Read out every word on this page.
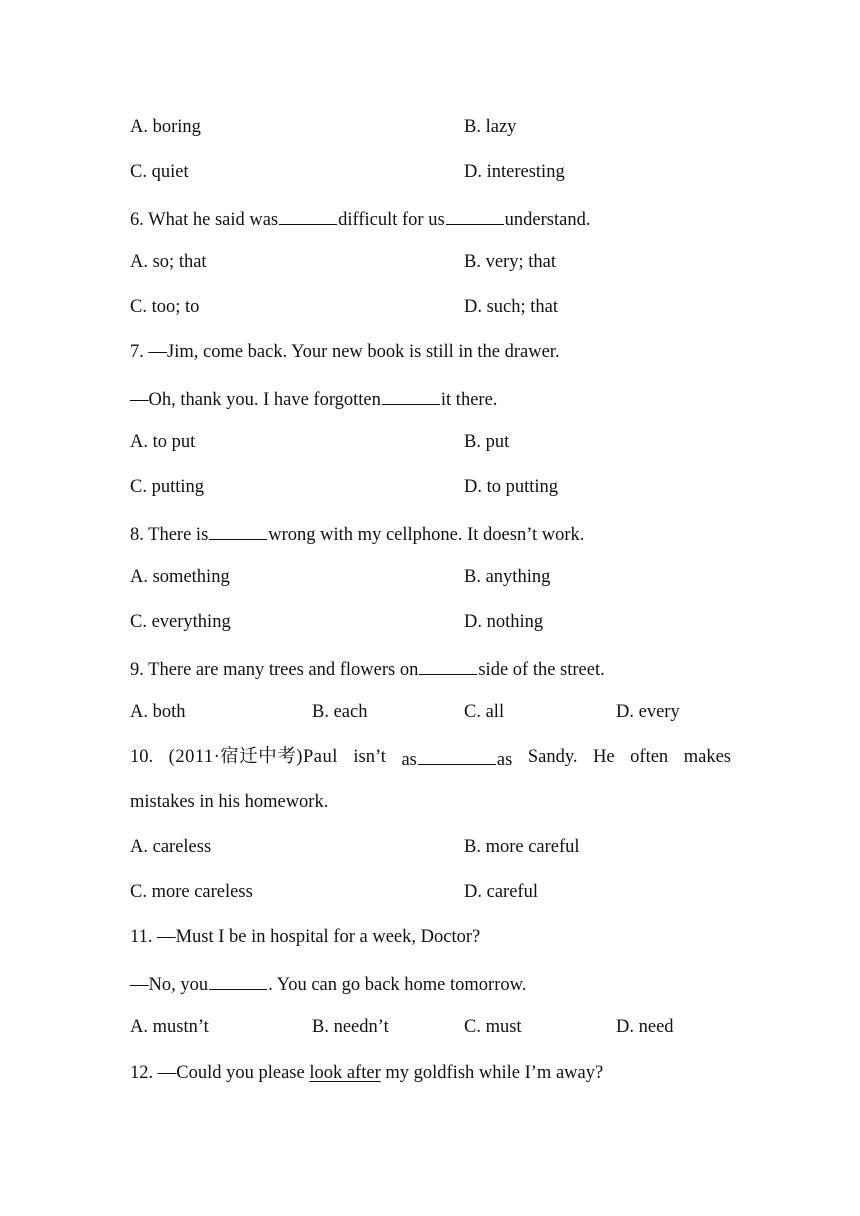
A. boring	B. lazy
C. quiet	D. interesting
6. What he said was	difficult for us	understand.
A. so; that	B. very; that
C. too; to	D. such; that
7. —Jim, come back. Your new book is still in the drawer.
—Oh, thank you. I have forgotten	it there.
A. to put	B. put
C. putting	D. to putting
8. There is	wrong with my cellphone. It doesn’t work.
A. something	B. anything
C. everything	D. nothing
9. There are many trees and flowers on	side of the street.
A. both	B. each	C. all	D. every
10. (2011·宿迁中考)Paul isn’t as	as Sandy. He often makes
mistakes in his homework.
A. careless	B. more careful
C. more careless	D. careful
11. —Must I be in hospital for a week, Doctor?
—No, you	. You can go back home tomorrow.
A. mustn’t	B. needn’t	C. must	D. need
12. —Could you please look after my goldfish while I’m away?
